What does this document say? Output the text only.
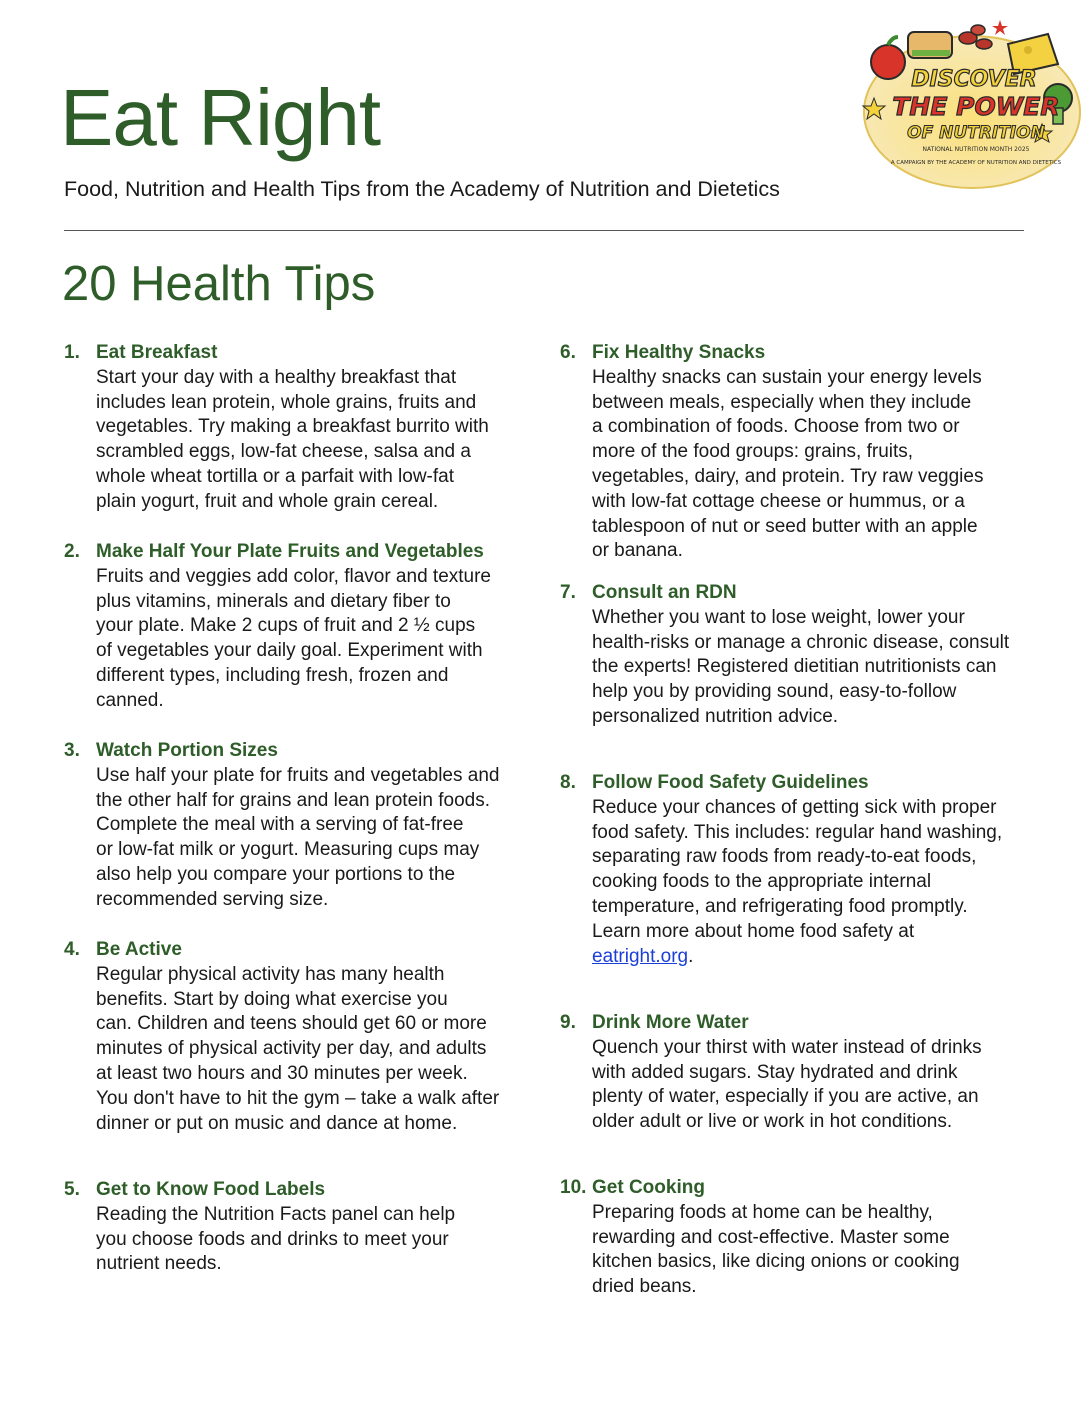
Eat Right

Food, Nutrition and Health Tips from the Academy of Nutrition and Dietetics

20 Health Tips
DISCOVER
THE POWER
OF NUTRITION
NATIONAL NUTRITION MONTH 2025
A CAMPAIGN BY THE ACADEMY OF NUTRITION AND DIETETICS
1. Eat Breakfast
Start your day with a healthy breakfast that
includes lean protein, whole grains, fruits and
vegetables. Try making a breakfast burrito with
scrambled eggs, low-fat cheese, salsa and a
whole wheat tortilla or a parfait with low-fat
plain yogurt, fruit and whole grain cereal.
2. Make Half Your Plate Fruits and Vegetables
Fruits and veggies add color, flavor and texture
plus vitamins, minerals and dietary fiber to
your plate. Make 2 cups of fruit and 2 ½ cups
of vegetables your daily goal. Experiment with
different types, including fresh, frozen and
canned.
3. Watch Portion Sizes
Use half your plate for fruits and vegetables and
the other half for grains and lean protein foods.
Complete the meal with a serving of fat-free
or low-fat milk or yogurt. Measuring cups may
also help you compare your portions to the
recommended serving size.
4. Be Active
Regular physical activity has many health
benefits. Start by doing what exercise you
can. Children and teens should get 60 or more
minutes of physical activity per day, and adults
at least two hours and 30 minutes per week.
You don't have to hit the gym – take a walk after
dinner or put on music and dance at home.
5. Get to Know Food Labels
Reading the Nutrition Facts panel can help
you choose foods and drinks to meet your
nutrient needs.
6. Fix Healthy Snacks
Healthy snacks can sustain your energy levels
between meals, especially when they include
a combination of foods. Choose from two or
more of the food groups: grains, fruits,
vegetables, dairy, and protein. Try raw veggies
with low-fat cottage cheese or hummus, or a
tablespoon of nut or seed butter with an apple
or banana.
7. Consult an RDN
Whether you want to lose weight, lower your
health-risks or manage a chronic disease, consult
the experts! Registered dietitian nutritionists can
help you by providing sound, easy-to-follow
personalized nutrition advice.
8. Follow Food Safety Guidelines
Reduce your chances of getting sick with proper
food safety. This includes: regular hand washing,
separating raw foods from ready-to-eat foods,
cooking foods to the appropriate internal
temperature, and refrigerating food promptly.
Learn more about home food safety at
eatright.org.
9. Drink More Water
Quench your thirst with water instead of drinks
with added sugars. Stay hydrated and drink
plenty of water, especially if you are active, an
older adult or live or work in hot conditions.
10. Get Cooking
Preparing foods at home can be healthy,
rewarding and cost-effective. Master some
kitchen basics, like dicing onions or cooking
dried beans.
